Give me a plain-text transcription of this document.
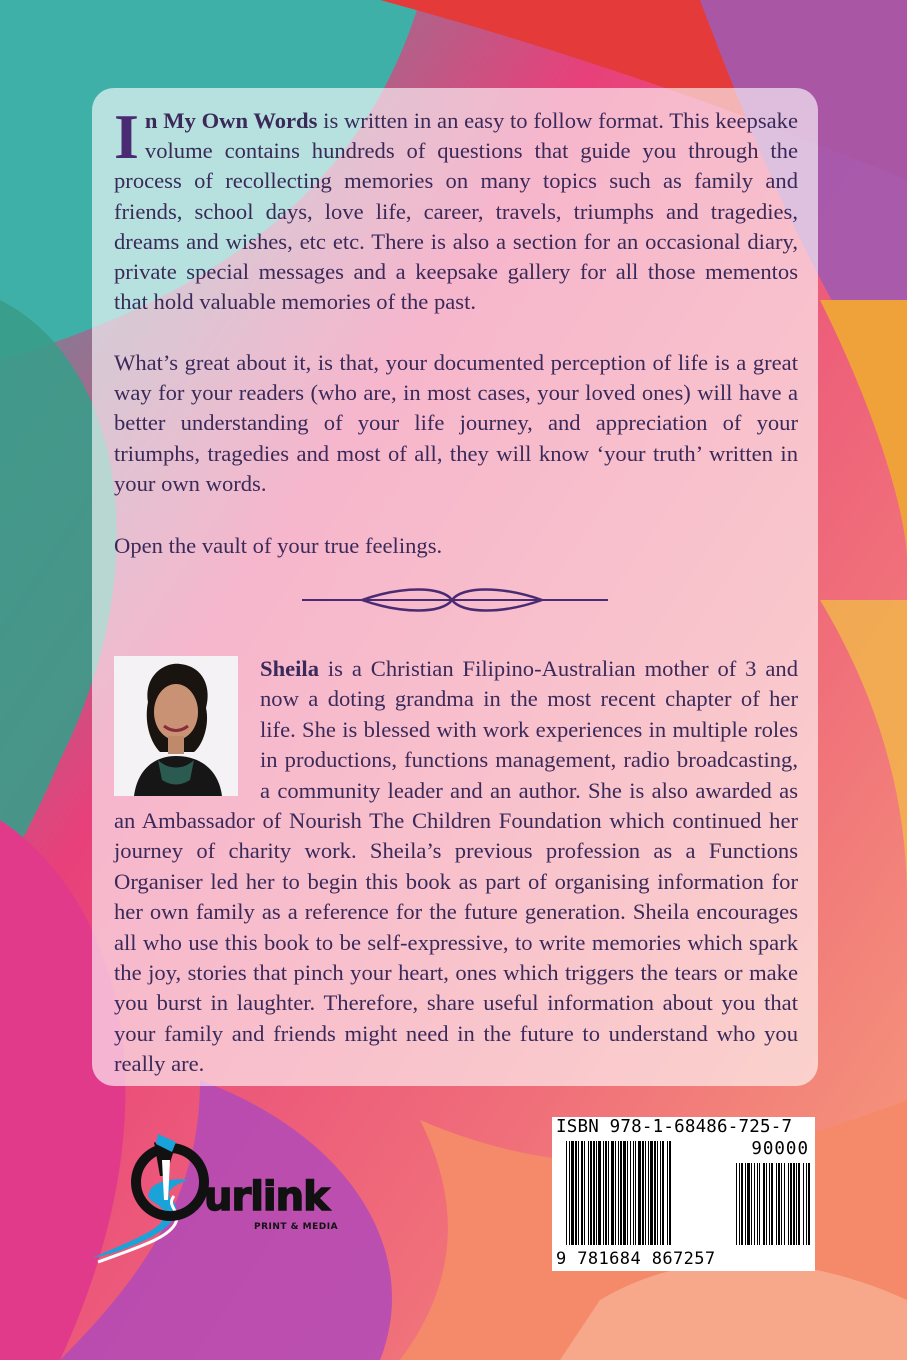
In My Own Words is written in an easy to follow format. This keepsake volume contains hundreds of questions that guide you through the process of recollecting memories on many topics such as family and friends, school days, love life, career, travels, triumphs and tragedies, dreams and wishes, etc etc. There is also a section for an occasional diary, private special messages and a keepsake gallery for all those mementos that hold valuable memories of the past.

What’s great about it, is that, your documented perception of life is a great way for your readers (who are, in most cases, your loved ones) will have a better understanding of your life journey, and appreciation of your triumphs, tragedies and most of all, they will know ‘your truth’ written in your own words.

Open the vault of your true feelings.

Sheila is a Christian Filipino-Australian mother of 3 and now a doting grandma in the most recent chapter of her life. She is blessed with work experiences in multiple roles in productions, functions management, radio broadcasting, a community leader and an author. She is also awarded as an Ambassador of Nourish The Children Foundation which continued her journey of charity work. Sheila’s previous profession as a Functions Organiser led her to begin this book as part of organising information for her own family as a reference for the future generation. Sheila encourages all who use this book to be self-expressive, to write memories which spark the joy, stories that pinch your heart, ones which triggers the tears or make you burst in laughter. Therefore, share useful information about you that your family and friends might need in the future to understand who you really are.
urlink
PRINT & MEDIA
ISBN 978-1-68486-725-7
90000
9 781684 867257
